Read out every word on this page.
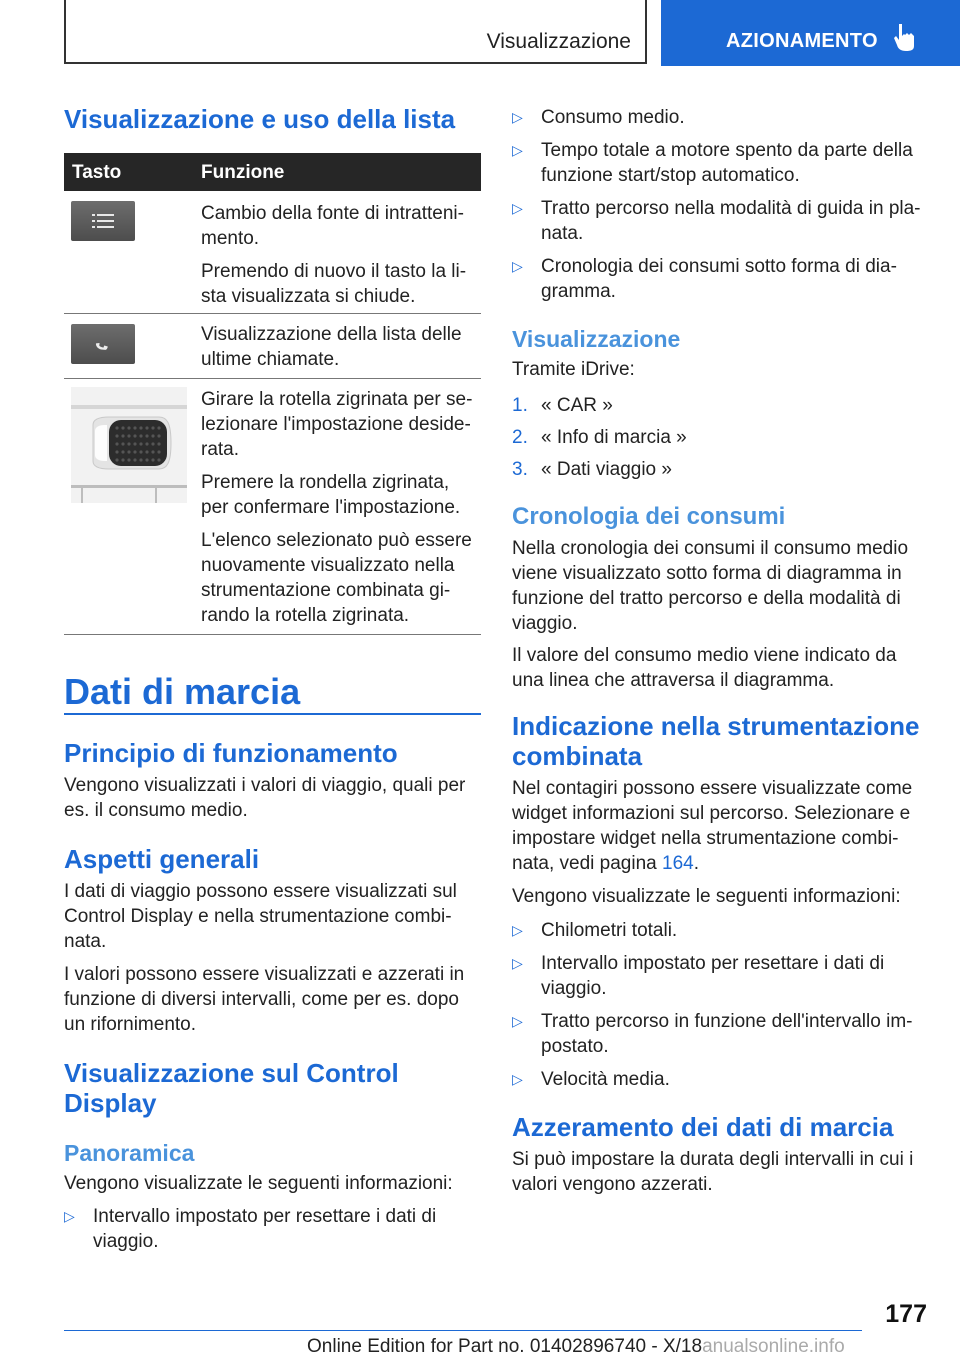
Visualizzazione	AZIONAMENTO
Visualizzazione e uso della lista
Tasto	Funzione

Cambio della fonte di intratteni-mento.

Premendo di nuovo il tasto la li-sta visualizzata si chiude.

Visualizzazione della lista delle ultime chiamate.

Girare la rotella zigrinata per se-lezionare l'impostazione deside-rata.

Premere la rondella zigrinata, per confermare l'impostazione.

L'elenco selezionato può essere nuovamente visualizzato nella strumentazione combinata gi-rando la rotella zigrinata.

Dati di marcia
Principio di funzionamento

Vengono visualizzati i valori di viaggio, quali per es. il consumo medio.

Aspetti generali

I dati di viaggio possono essere visualizzati sul Control Display e nella strumentazione combi-nata.

I valori possono essere visualizzati e azzerati in funzione di diversi intervalli, come per es. dopo un rifornimento.

Visualizzazione sul Control Display
Panoramica

Vengono visualizzate le seguenti informazioni:

▷ Intervallo impostato per resettare i dati di viaggio.
▷ Consumo medio.
▷ Tempo totale a motore spento da parte della funzione start/stop automatico.
▷ Tratto percorso nella modalità di guida in pla-nata.
▷ Cronologia dei consumi sotto forma di dia-gramma.
Visualizzazione

Tramite iDrive:

1. « CAR »
2. « Info di marcia »
3. « Dati viaggio »
Cronologia dei consumi

Nella cronologia dei consumi il consumo medio viene visualizzato sotto forma di diagramma in funzione del tratto percorso e della modalità di viaggio.

Il valore del consumo medio viene indicato da una linea che attraversa il diagramma.

Indicazione nella strumentazione combinata

Nel contagiri possono essere visualizzate come widget informazioni sul percorso. Selezionare e impostare widget nella strumentazione combi-nata, vedi pagina 164.

Vengono visualizzate le seguenti informazioni:

▷ Chilometri totali.
▷ Intervallo impostato per resettare i dati di viaggio.
▷ Tratto percorso in funzione dell'intervallo im-postato.
▷ Velocità media.
Azzeramento dei dati di marcia

Si può impostare la durata degli intervalli in cui i valori vengono azzerati.

177
Online Edition for Part no. 01402896740 - X/18anualsonline.info
